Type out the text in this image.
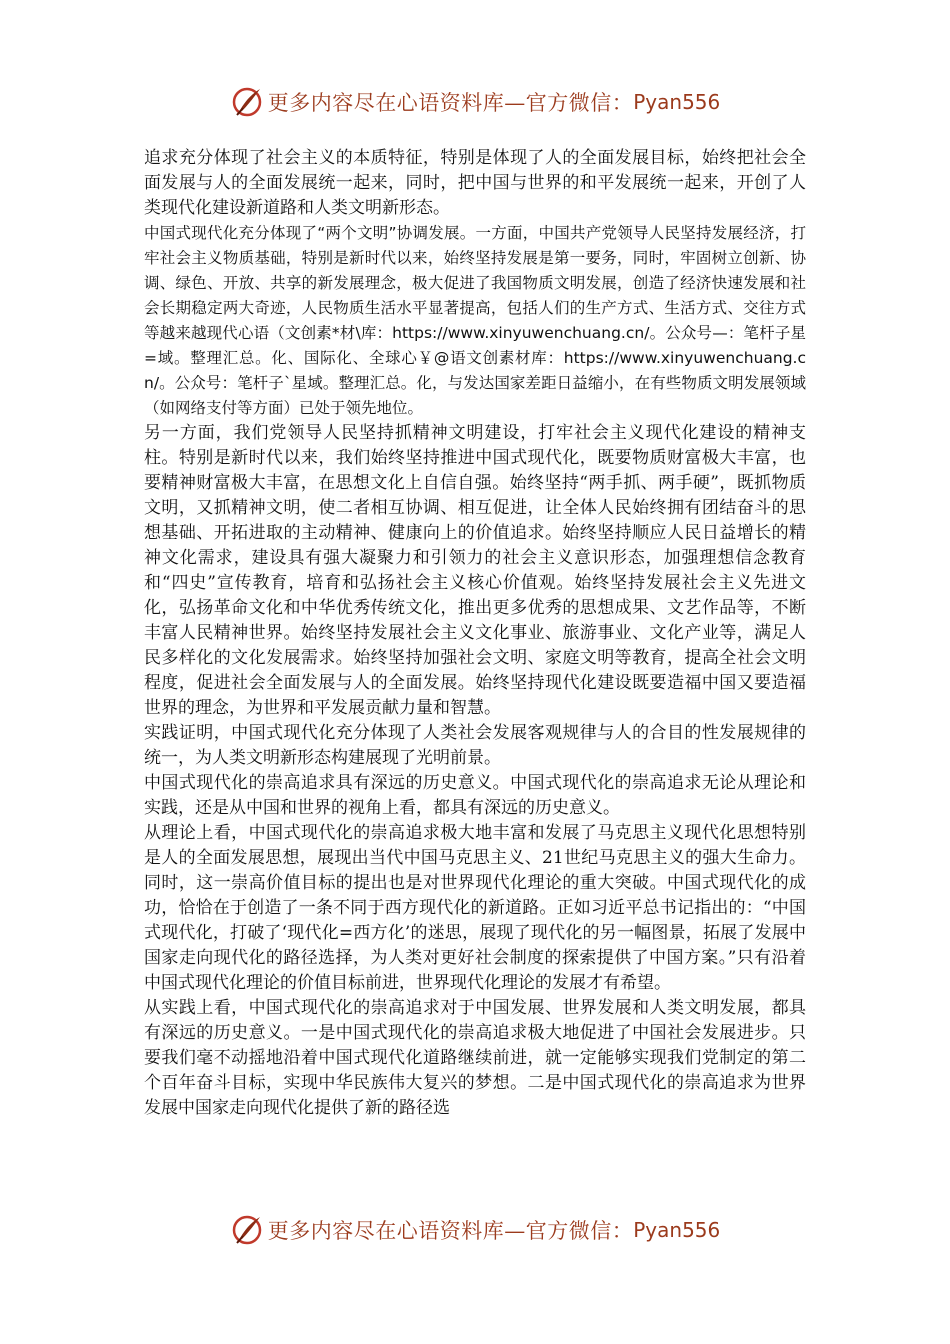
更多内容尽在心语资料库—官方微信： Pyan556

追求充分体现了社会主义的本质特征，特别是体现了人的全面发展目标，始终把社会全面发展与人的全面发展统一起来，同时，把中国与世界的和平发展统一起来，开创了人类现代化建设新道路和人类文明新形态。

中国式现代化充分体现了“两个文明”协调发展。一方面，中国共产党领导人民坚持发展经济，打牢社会主义物质基础，特别是新时代以来，始终坚持发展是第一要务，同时，牢固树立创新、协调、绿色、开放、共享的新发展理念，极大促进了我国物质文明发展，创造了经济快速发展和社会长期稳定两大奇迹，人民物质生活水平显著提高，包括人们的生产方式、生活方式、交往方式等越来越现代心语（文创素*材\库：https://www.xinyuwenchuang.cn/。公众号—：笔杆子星=域。整理汇总。化、国际化、全球心￥@语文创素材库：https://www.xinyuwenchuang.cn/。公众号：笔杆子`星域。整理汇总。化，与发达国家差距日益缩小，在有些物质文明发展领域（如网络支付等方面）已处于领先地位。

另一方面，我们党领导人民坚持抓精神文明建设，打牢社会主义现代化建设的精神支柱。特别是新时代以来，我们始终坚持推进中国式现代化，既要物质财富极大丰富，也要精神财富极大丰富，在思想文化上自信自强。始终坚持“两手抓、两手硬”，既抓物质文明，又抓精神文明，使二者相互协调、相互促进，让全体人民始终拥有团结奋斗的思想基础、开拓进取的主动精神、健康向上的价值追求。始终坚持顺应人民日益增长的精神文化需求，建设具有强大凝聚力和引领力的社会主义意识形态，加强理想信念教育和“四史”宣传教育，培育和弘扬社会主义核心价值观。始终坚持发展社会主义先进文化，弘扬革命文化和中华优秀传统文化，推出更多优秀的思想成果、文艺作品等，不断丰富人民精神世界。始终坚持发展社会主义文化事业、旅游事业、文化产业等，满足人民多样化的文化发展需求。始终坚持加强社会文明、家庭文明等教育，提高全社会文明程度，促进社会全面发展与人的全面发展。始终坚持现代化建设既要造福中国又要造福世界的理念，为世界和平发展贡献力量和智慧。

实践证明，中国式现代化充分体现了人类社会发展客观规律与人的合目的性发展规律的统一，为人类文明新形态构建展现了光明前景。

中国式现代化的崇高追求具有深远的历史意义。中国式现代化的崇高追求无论从理论和实践，还是从中国和世界的视角上看，都具有深远的历史意义。

从理论上看，中国式现代化的崇高追求极大地丰富和发展了马克思主义现代化思想特别是人的全面发展思想，展现出当代中国马克思主义、21世纪马克思主义的强大生命力。同时，这一崇高价值目标的提出也是对世界现代化理论的重大突破。中国式现代化的成功，恰恰在于创造了一条不同于西方现代化的新道路。正如习近平总书记指出的：“中国式现代化，打破了‘现代化=西方化’的迷思，展现了现代化的另一幅图景，拓展了发展中国家走向现代化的路径选择，为人类对更好社会制度的探索提供了中国方案。”只有沿着中国式现代化理论的价值目标前进，世界现代化理论的发展才有希望。

从实践上看，中国式现代化的崇高追求对于中国发展、世界发展和人类文明发展，都具有深远的历史意义。一是中国式现代化的崇高追求极大地促进了中国社会发展进步。只要我们毫不动摇地沿着中国式现代化道路继续前进，就一定能够实现我们党制定的第二个百年奋斗目标，实现中华民族伟大复兴的梦想。二是中国式现代化的崇高追求为世界发展中国家走向现代化提供了新的路径选

更多内容尽在心语资料库—官方微信： Pyan556
